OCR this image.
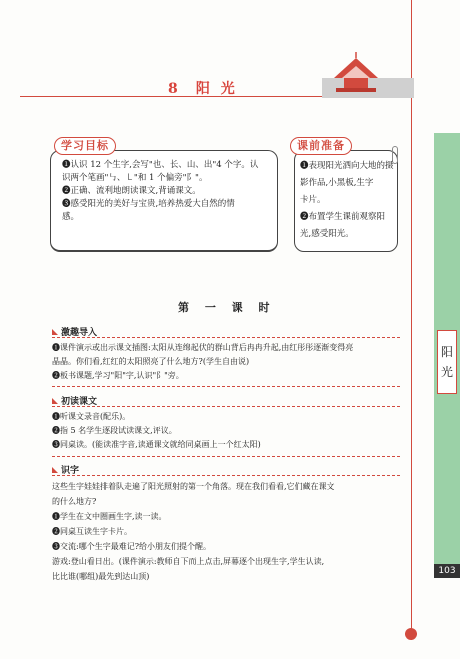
8 阳 光
阳
光
103
学习目标
❶认识 12 个生字,会写"也、长、山、出"4 个字。认
识两个笔画"㇉、㇄"和 1 个偏旁"阝"。
❷正确、流利地朗读课文,背诵课文。
❸感受阳光的美好与宝贵,培养热爱大自然的情
感。
课前准备
❶表现阳光洒向大地的摄
影作品,小黑板,生字
卡片。
❷布置学生课前观察阳
光,感受阳光。
第 一 课 时
激趣导入
❶课件演示或出示课文插图:太阳从连绵起伏的群山背后冉冉升起,由红彤彤逐渐变得亮
晶晶。你们看,红红的太阳照亮了什么地方?(学生自由说)
❷板书课题,学习"阳"字,认识"阝"旁。
初读课文
❶听课文录音(配乐)。
❷指 5 名学生逐段试读课文,评议。
❸同桌读。(能读准字音,读通课文就给同桌画上一个红太阳)
识字
这些生字娃娃排着队走遍了阳光照射的第一个角落。现在我们看看,它们藏在课文
的什么地方?
❶学生在文中圈画生字,读一读。
❷同桌互读生字卡片。
❸交流:哪个生字最难记?给小朋友们提个醒。
游戏:登山看日出。(课件演示:教师自下而上点击,屏幕逐个出现生字,学生认读,
比比谁(哪组)最先到达山顶)
